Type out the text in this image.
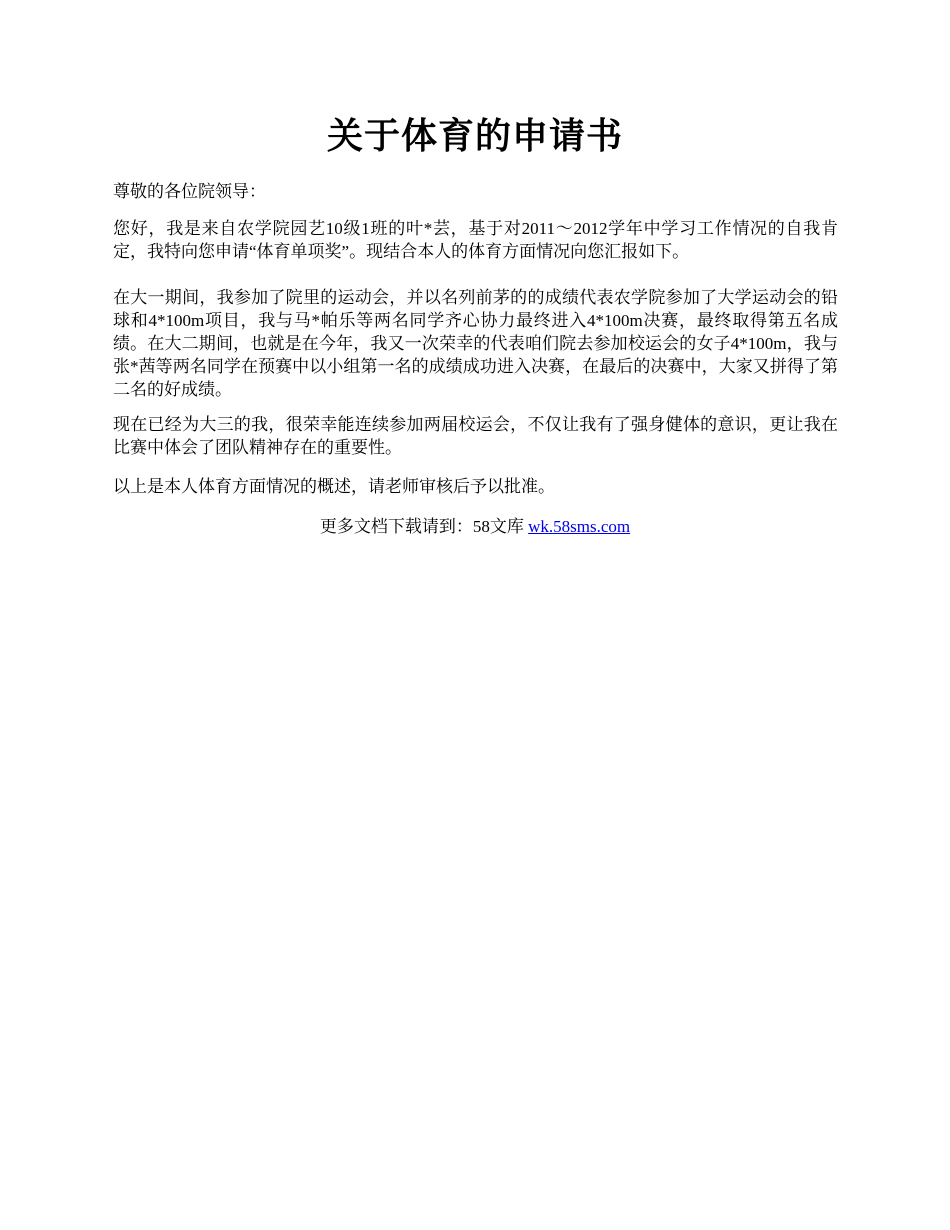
关于体育的申请书

尊敬的各位院领导：

您好，我是来自农学院园艺10级1班的叶*芸，基于对2011～2012学年中学习工作情况的自我肯定，我特向您申请“体育单项奖”。现结合本人的体育方面情况向您汇报如下。

在大一期间，我参加了院里的运动会，并以名列前茅的的成绩代表农学院参加了大学运动会的铅球和4*100m项目，我与马*帕乐等两名同学齐心协力最终进入4*100m决赛，最终取得第五名成绩。在大二期间，也就是在今年，我又一次荣幸的代表咱们院去参加校运会的女子4*100m，我与张*茜等两名同学在预赛中以小组第一名的成绩成功进入决赛，在最后的决赛中，大家又拼得了第二名的好成绩。

现在已经为大三的我，很荣幸能连续参加两届校运会，不仅让我有了强身健体的意识，更让我在比赛中体会了团队精神存在的重要性。

以上是本人体育方面情况的概述，请老师审核后予以批准。

更多文档下载请到：58文库 wk.58sms.com
